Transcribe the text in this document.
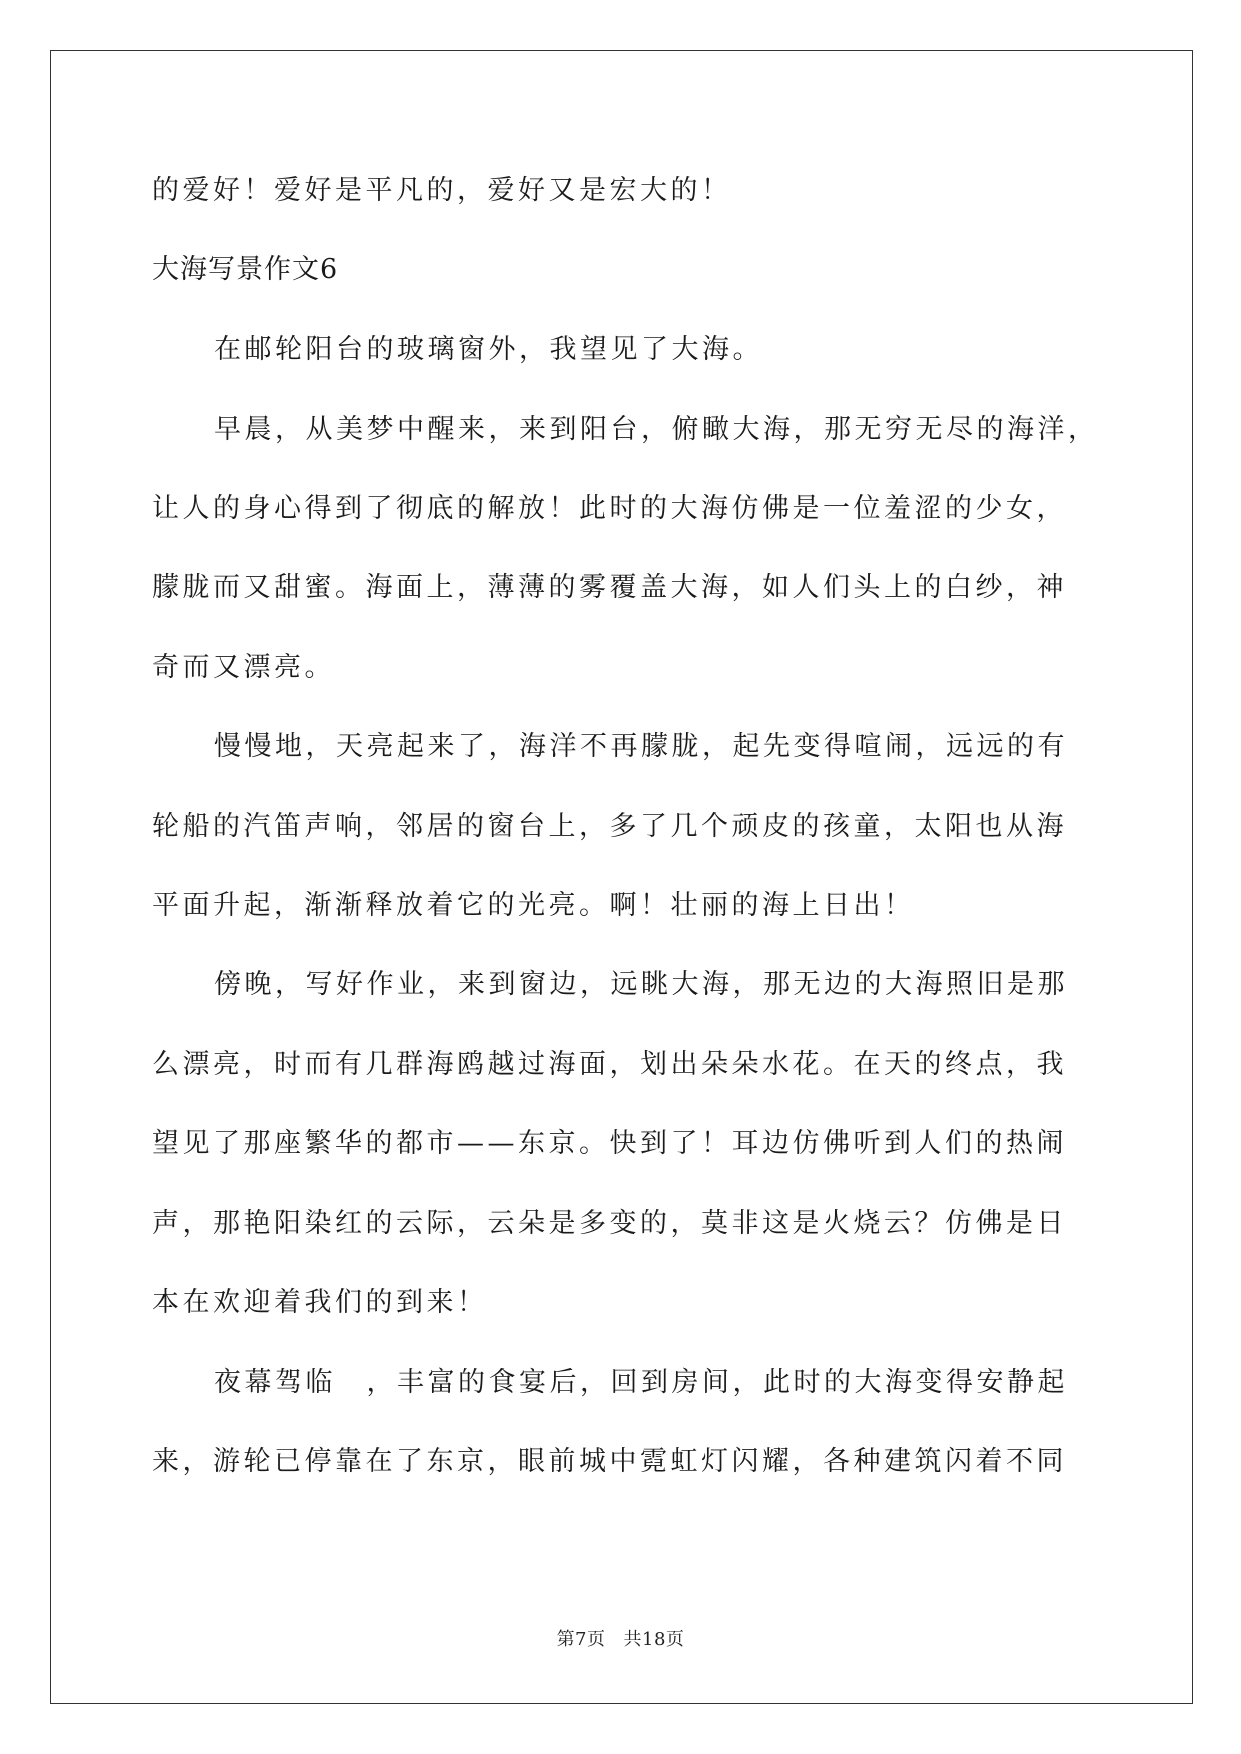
的爱好！爱好是平凡的，爱好又是宏大的！
大海写景作文6
在邮轮阳台的玻璃窗外，我望见了大海。
早晨，从美梦中醒来，来到阳台，俯瞰大海，那无穷无尽的海洋，
让人的身心得到了彻底的解放！此时的大海仿佛是一位羞涩的少女，
朦胧而又甜蜜。海面上，薄薄的雾覆盖大海，如人们头上的白纱，神
奇而又漂亮。
慢慢地，天亮起来了，海洋不再朦胧，起先变得喧闹，远远的有
轮船的汽笛声响，邻居的窗台上，多了几个顽皮的孩童，太阳也从海
平面升起，渐渐释放着它的光亮。啊！壮丽的海上日出！
傍晚，写好作业，来到窗边，远眺大海，那无边的大海照旧是那
么漂亮，时而有几群海鸥越过海面，划出朵朵水花。在天的终点，我
望见了那座繁华的都市——东京。快到了！耳边仿佛听到人们的热闹
声，那艳阳染红的云际，云朵是多变的，莫非这是火烧云？仿佛是日
本在欢迎着我们的到来！
夜幕驾临　，丰富的食宴后，回到房间，此时的大海变得安静起
来，游轮已停靠在了东京，眼前城中霓虹灯闪耀，各种建筑闪着不同
第7页 共18页
